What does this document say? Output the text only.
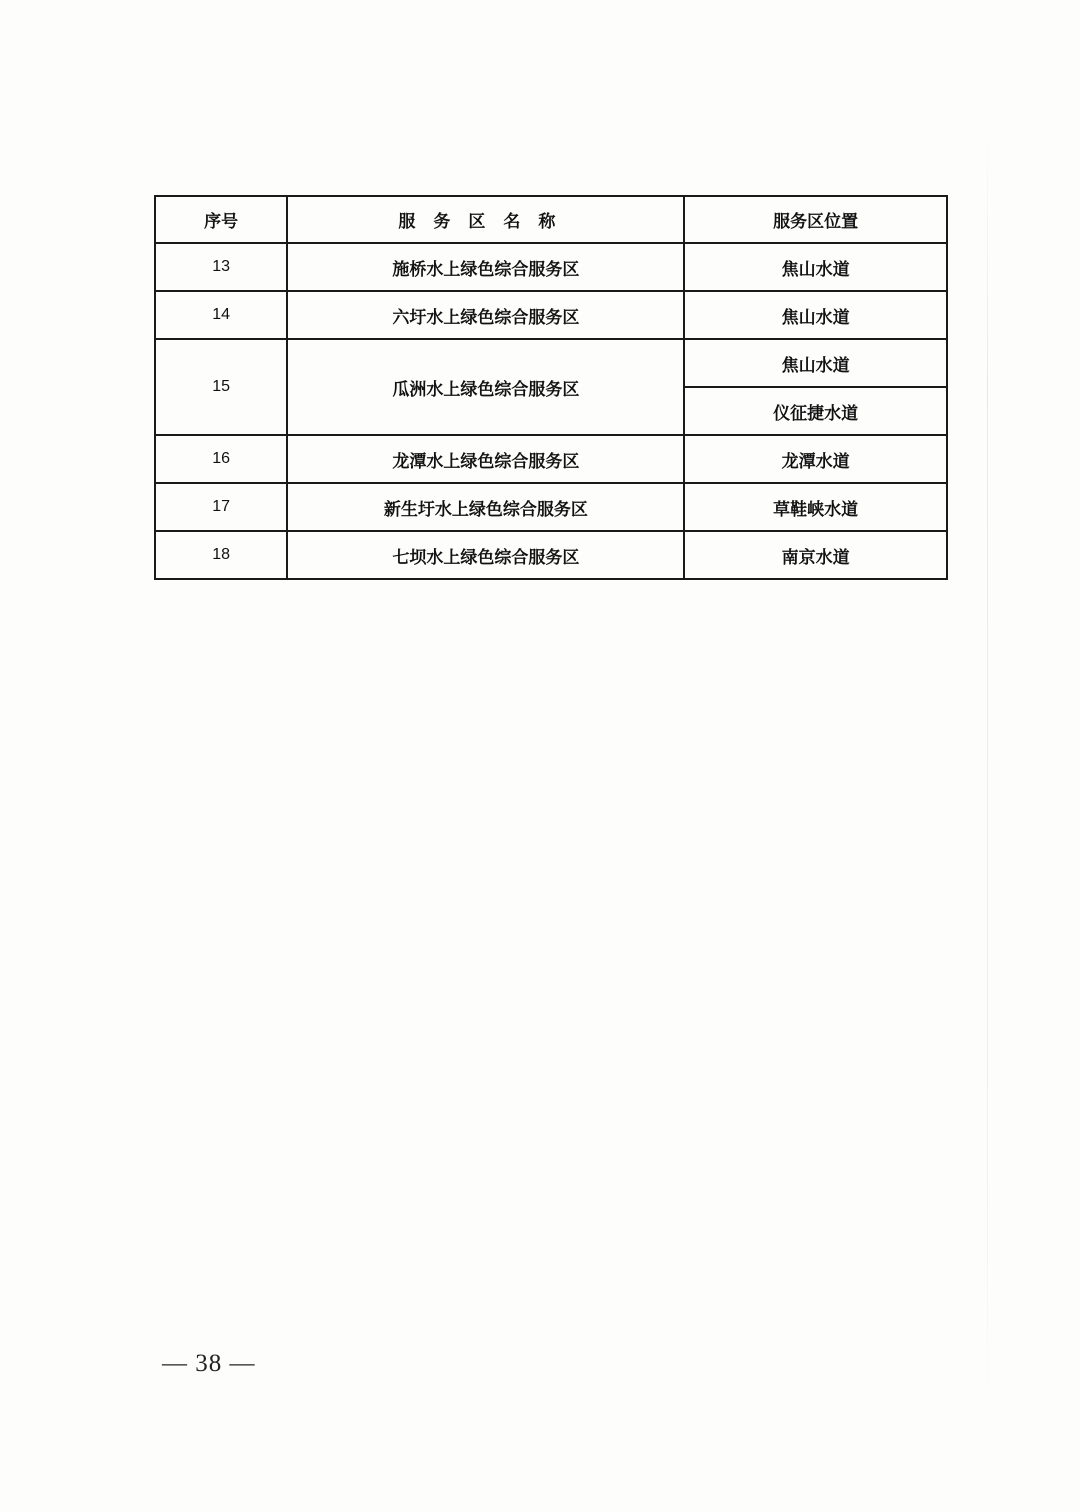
序号	服务区名称	服务区位置
13	施桥水上绿色综合服务区	焦山水道
14	六圩水上绿色综合服务区	焦山水道
15	瓜洲水上绿色综合服务区	焦山水道
		仪征捷水道
16	龙潭水上绿色综合服务区	龙潭水道
17	新生圩水上绿色综合服务区	草鞋峡水道
18	七坝水上绿色综合服务区	南京水道
— 38 —
